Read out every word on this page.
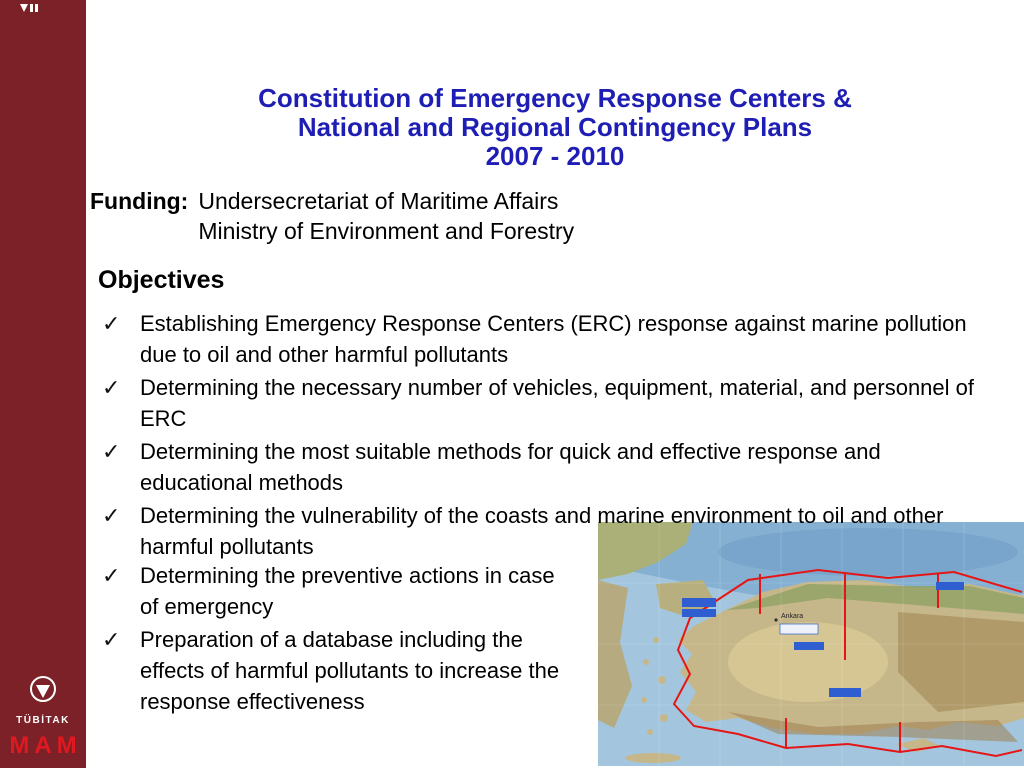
TÜBİTAK
MAM
Constitution of Emergency Response Centers &
National and Regional Contingency Plans
2007 - 2010
Funding: Undersecretariat of Maritime Affairs
Ministry of Environment and Forestry
Objectives
✓ Establishing Emergency Response Centers (ERC) response against marine pollution due to oil and other harmful pollutants
✓ Determining the necessary number of vehicles, equipment, material, and personnel of ERC
✓ Determining the most suitable methods for quick and effective response and educational methods
✓ Determining the vulnerability of the coasts and marine environment to oil and other harmful pollutants
✓ Determining the preventive actions in case of emergency
✓ Preparation of a database including the effects of harmful pollutants to increase the response effectiveness
Ankara
